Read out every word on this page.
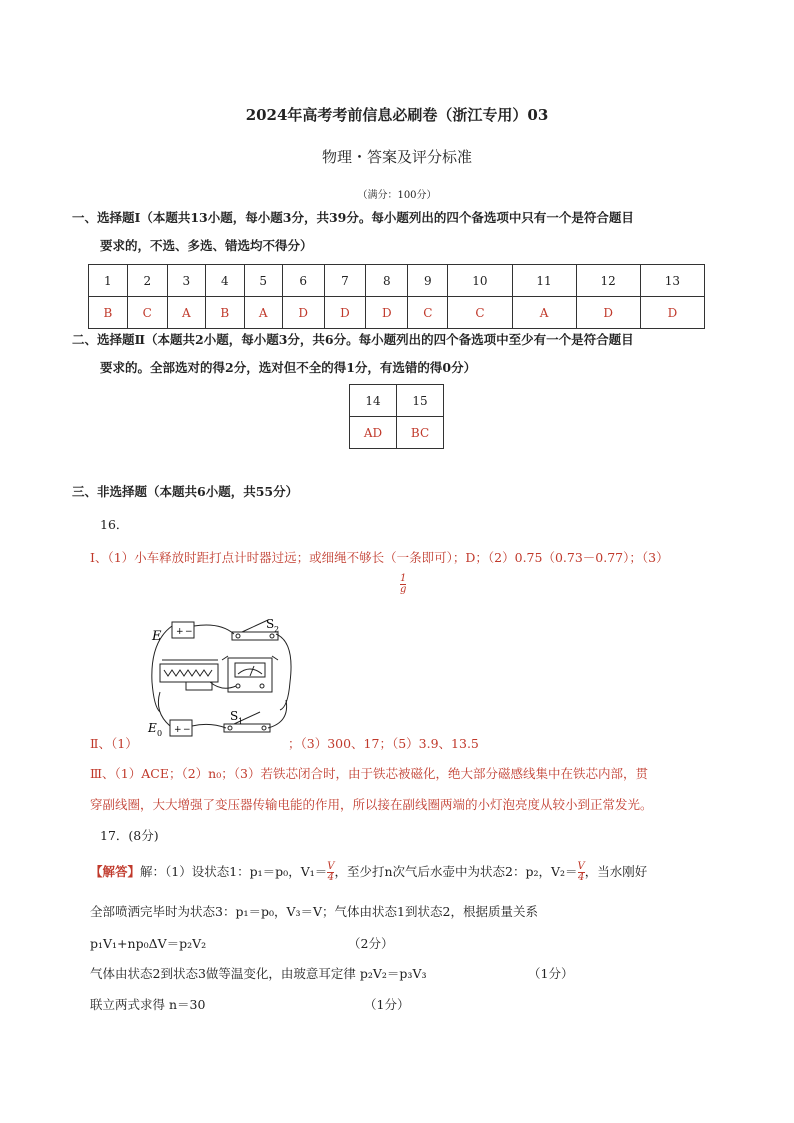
2024年高考考前信息必刷卷（浙江专用）03
物理・答案及评分标准
（满分：100分）
一、选择题Ⅰ（本题共13小题，每小题3分，共39分。每小题列出的四个备选项中只有一个是符合题目
要求的，不选、多选、错选均不得分）
1	2	3	4	5	6	7	8	9	10	11	12	13
B	C	A	B	A	D	D	D	C	C	A	D	D
二、选择题Ⅱ（本题共2小题，每小题3分，共6分。每小题列出的四个备选项中至少有一个是符合题目
要求的。全部选对的得2分，选对但不全的得1分，有选错的得0分）
14	15
AD	BC
三、非选择题（本题共6小题，共55分）
16．
Ⅰ、（1）小车释放时距打点计时器过远；或细绳不够长（一条即可）；D；（2）0.75（0.73－0.77）；（3）
$\frac{1}{g}$
+ −
+ −
E
E 0
S 2
S 1
Ⅱ、（1）	；（3）300、17；（5）3.9、13.5
Ⅲ、（1）ACE；（2）n₀；（3）若铁芯闭合时，由于铁芯被磁化，绝大部分磁感线集中在铁芯内部，贯
穿副线圈，大大增强了变压器传输电能的作用，所以接在副线圈两端的小灯泡亮度从较小到正常发光。
17．(8分)
【解答】解：（1）设状态1：p₁＝p₀，$V_1= \frac{V}{4}$ ，至少打n次气后水壶中为状态2：p₂，$V_2= \frac{V}{4}$ ，当水刚好
全部喷洒完毕时为状态3：p₁＝p₀，V₃＝V；气体由状态1到状态2，根据质量关系
p₁V₁+np₀ΔV＝p₂V₂	（2分）
气体由状态2到状态3做等温变化，由玻意耳定律 p₂V₂＝p₃V₃	（1分）
联立两式求得 n＝30	（1分）
